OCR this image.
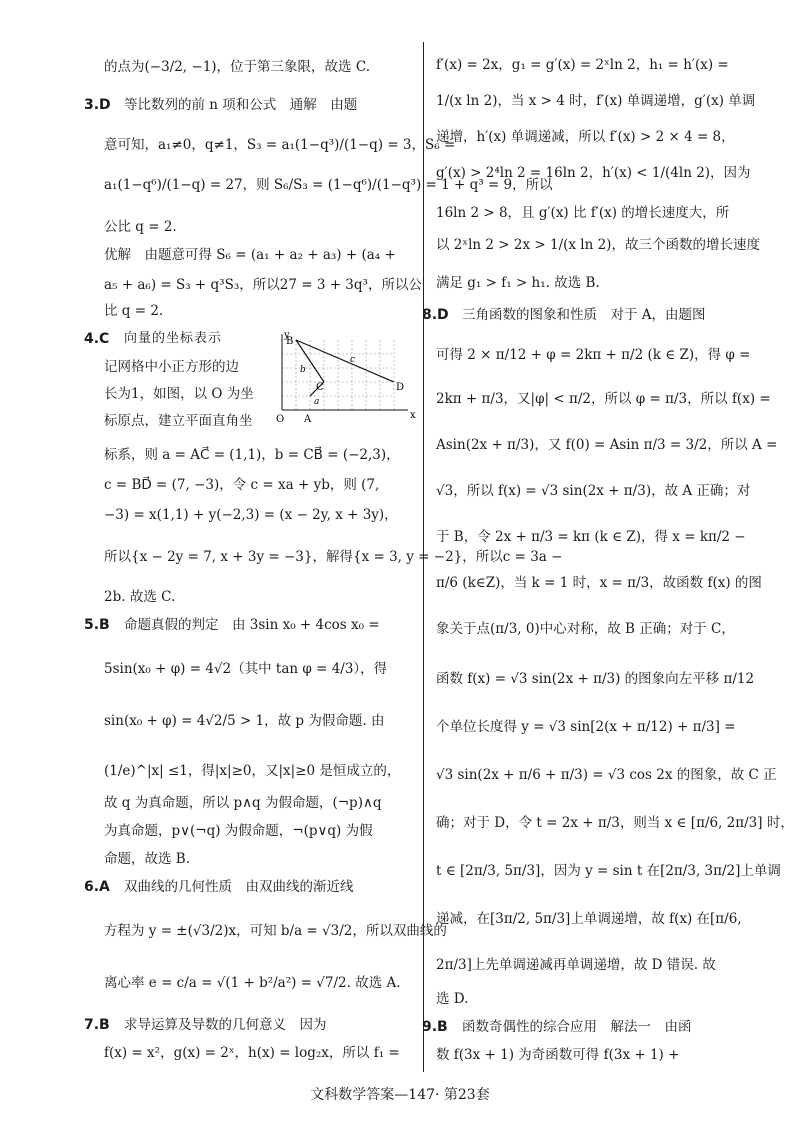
的点为(−3/2, −1)，位于第三象限，故选 C.
3.D 等比数列的前 n 项和公式　通解　由题
意可知，a₁≠0，q≠1，S₃ = a₁(1−q³)/(1−q) = 3，S₆ =
a₁(1−q⁶)/(1−q) = 27，则 S₆/S₃ = (1−q⁶)/(1−q³) = 1 + q³ = 9，所以
公比 q = 2.
优解　由题意可得 S₆ = (a₁ + a₂ + a₃) + (a₄ +
a₅ + a₆) = S₃ + q³S₃，所以27 = 3 + 3q³，所以公
比 q = 2.
4.C 向量的坐标表示
记网格中小正方形的边
长为1，如图，以 O 为坐
标原点，建立平面直角坐
y
x
B
C	D
O A
a
b
c
标系，则 a = AC⃗ = (1,1)，b = CB⃗ = (−2,3)，
c = BD⃗ = (7, −3)，令 c = xa + yb，则 (7,
−3) = x(1,1) + y(−2,3) = (x − 2y, x + 3y)，
所以{x − 2y = 7, x + 3y = −3}，解得{x = 3, y = −2}，所以c = 3a −
2b. 故选 C.
5.B 命题真假的判定　由 3sin x₀ + 4cos x₀ =
5sin(x₀ + φ) = 4√2（其中 tan φ = 4/3），得
sin(x₀ + φ) = 4√2/5 > 1，故 p 为假命题. 由
(1/e)^|x| ≤1，得|x|≥0，又|x|≥0 是恒成立的，
故 q 为真命题，所以 p∧q 为假命题，(¬p)∧q
为真命题，p∨(¬q) 为假命题，¬(p∨q) 为假
命题，故选 B.
6.A 双曲线的几何性质　由双曲线的渐近线
方程为 y = ±(√3/2)x，可知 b/a = √3/2，所以双曲线的
离心率 e = c/a = √(1 + b²/a²) = √7/2. 故选 A.
7.B 求导运算及导数的几何意义　因为
f(x) = x²，g(x) = 2ˣ，h(x) = log₂x，所以 f₁ =
f′(x) = 2x，g₁ = g′(x) = 2ˣln 2，h₁ = h′(x) =
1/(x ln 2)，当 x > 4 时，f′(x) 单调递增，g′(x) 单调
递增，h′(x) 单调递减，所以 f′(x) > 2 × 4 = 8，
g′(x) > 2⁴ln 2 = 16ln 2，h′(x) < 1/(4ln 2)，因为
16ln 2 > 8，且 g′(x) 比 f′(x) 的增长速度大，所
以 2ˣln 2 > 2x > 1/(x ln 2)，故三个函数的增长速度
满足 g₁ > f₁ > h₁. 故选 B.
8.D 三角函数的图象和性质　对于 A，由题图
可得 2 × π/12 + φ = 2kπ + π/2 (k ∈ Z)，得 φ =
2kπ + π/3，又|φ| < π/2，所以 φ = π/3，所以 f(x) =
Asin(2x + π/3)，又 f(0) = Asin π/3 = 3/2，所以 A =
√3，所以 f(x) = √3 sin(2x + π/3)，故 A 正确；对
于 B，令 2x + π/3 = kπ (k ∈ Z)，得 x = kπ/2 −
π/6 (k∈Z)，当 k = 1 时，x = π/3，故函数 f(x) 的图
象关于点(π/3, 0)中心对称，故 B 正确；对于 C，
函数 f(x) = √3 sin(2x + π/3) 的图象向左平移 π/12
个单位长度得 y = √3 sin[2(x + π/12) + π/3] =
√3 sin(2x + π/6 + π/3) = √3 cos 2x 的图象，故 C 正
确；对于 D，令 t = 2x + π/3，则当 x ∈ [π/6, 2π/3] 时，
t ∈ [2π/3, 5π/3]，因为 y = sin t 在[2π/3, 3π/2]上单调
递减，在[3π/2, 5π/3]上单调递增，故 f(x) 在[π/6,
2π/3]上先单调递减再单调递增，故 D 错误. 故
选 D.
9.B 函数奇偶性的综合应用　解法一　由函
数 f(3x + 1) 为奇函数可得 f(3x + 1) +
文科数学答案—147· 第23套
